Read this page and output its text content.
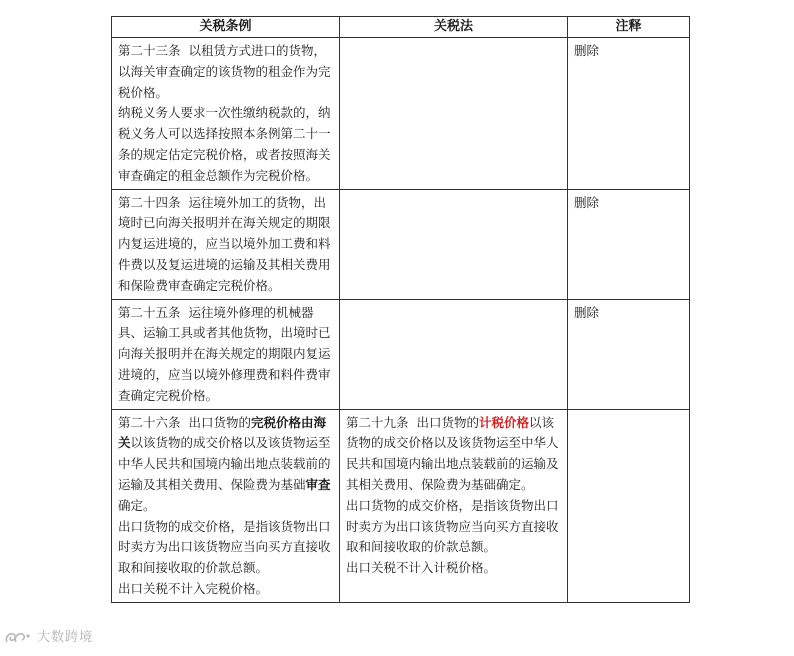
关税条例	关税法	注释

第二十三条 以租赁方式进口的货物，以海关审查确定的该货物的租金作为完税价格。
纳税义务人要求一次性缴纳税款的，纳税义务人可以选择按照本条例第二十一条的规定估定完税价格，或者按照海关审查确定的租金总额作为完税价格。		删除

第二十四条 运往境外加工的货物，出境时已向海关报明并在海关规定的期限内复运进境的，应当以境外加工费和料件费以及复运进境的运输及其相关费用和保险费审查确定完税价格。		删除

第二十五条 运往境外修理的机械器具、运输工具或者其他货物，出境时已向海关报明并在海关规定的期限内复运进境的，应当以境外修理费和料件费审查确定完税价格。		删除

第二十六条 出口货物的完税价格由海关以该货物的成交价格以及该货物运至中华人民共和国境内输出地点装载前的运输及其相关费用、保险费为基础审查确定。
出口货物的成交价格，是指该货物出口时卖方为出口该货物应当向买方直接收取和间接收取的价款总额。
出口关税不计入完税价格。	第二十九条 出口货物的计税价格以该货物的成交价格以及该货物运至中华人民共和国境内输出地点装载前的运输及其相关费用、保险费为基础确定。
出口货物的成交价格，是指该货物出口时卖方为出口该货物应当向买方直接收取和间接收取的价款总额。
出口关税不计入计税价格。	

大数跨境
